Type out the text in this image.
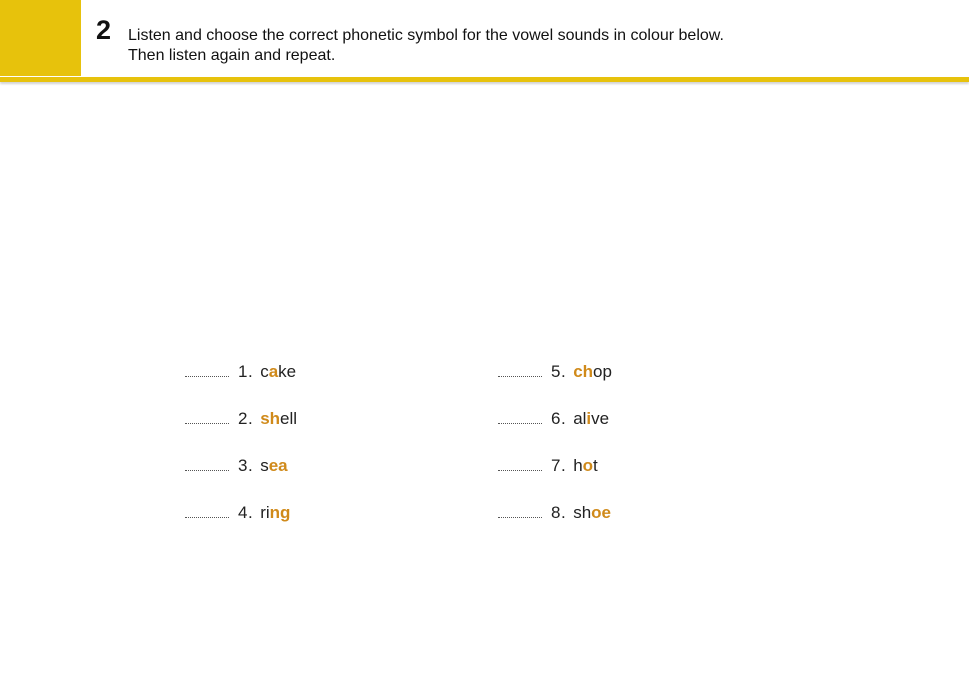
2 Listen and choose the correct phonetic symbol for the vowel sounds in colour below.
Then listen again and repeat.
1. cake
2. shell
3. sea
4. ring
5. chop
6. alive
7. hot
8. shoe
